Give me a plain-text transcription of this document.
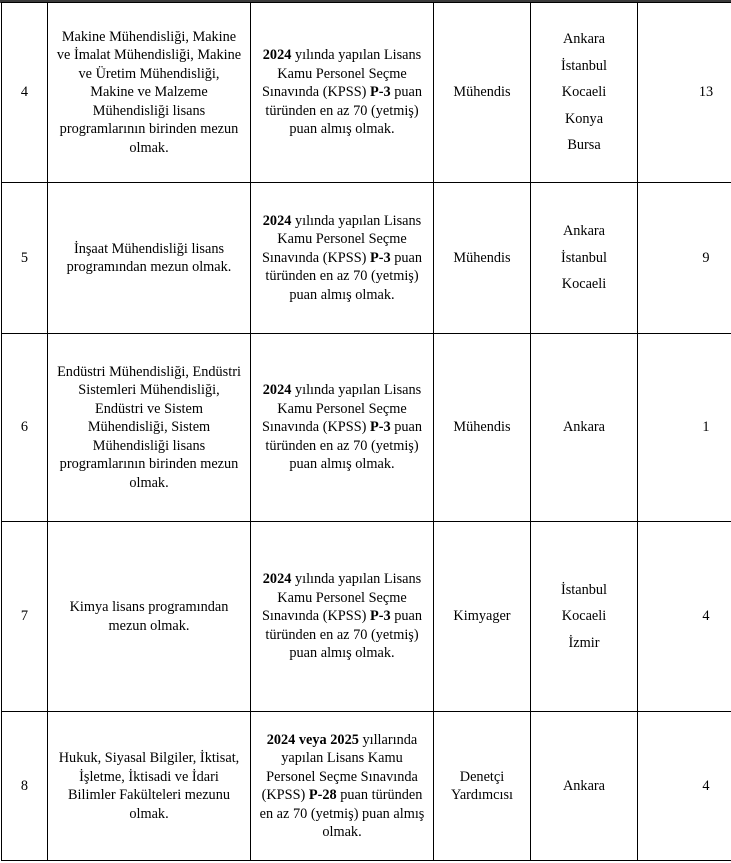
4	Makine Mühendisliği, Makine ve İmalat Mühendisliği, Makine ve Üretim Mühendisliği, Makine ve Malzeme Mühendisliği lisans programlarının birinden mezun olmak.	2024 yılında yapılan Lisans Kamu Personel Seçme Sınavında (KPSS) P-3 puan türünden en az 70 (yetmiş) puan almış olmak.	Mühendis	Ankara
İstanbul
Kocaeli
Konya
Bursa	13
5	İnşaat Mühendisliği lisans programından mezun olmak.	2024 yılında yapılan Lisans Kamu Personel Seçme Sınavında (KPSS) P-3 puan türünden en az 70 (yetmiş) puan almış olmak.	Mühendis	Ankara
İstanbul
Kocaeli	9
6	Endüstri Mühendisliği, Endüstri Sistemleri Mühendisliği, Endüstri ve Sistem Mühendisliği, Sistem Mühendisliği lisans programlarının birinden mezun olmak.	2024 yılında yapılan Lisans Kamu Personel Seçme Sınavında (KPSS) P-3 puan türünden en az 70 (yetmiş) puan almış olmak.	Mühendis	Ankara	1
7	Kimya lisans programından mezun olmak.	2024 yılında yapılan Lisans Kamu Personel Seçme Sınavında (KPSS) P-3 puan türünden en az 70 (yetmiş) puan almış olmak.	Kimyager	İstanbul
Kocaeli
İzmir	4
8	Hukuk, Siyasal Bilgiler, İktisat, İşletme, İktisadi ve İdari Bilimler Fakülteleri mezunu olmak.	2024 veya 2025 yıllarında yapılan Lisans Kamu Personel Seçme Sınavında (KPSS) P-28 puan türünden en az 70 (yetmiş) puan almış olmak.	Denetçi Yardımcısı	Ankara	4
